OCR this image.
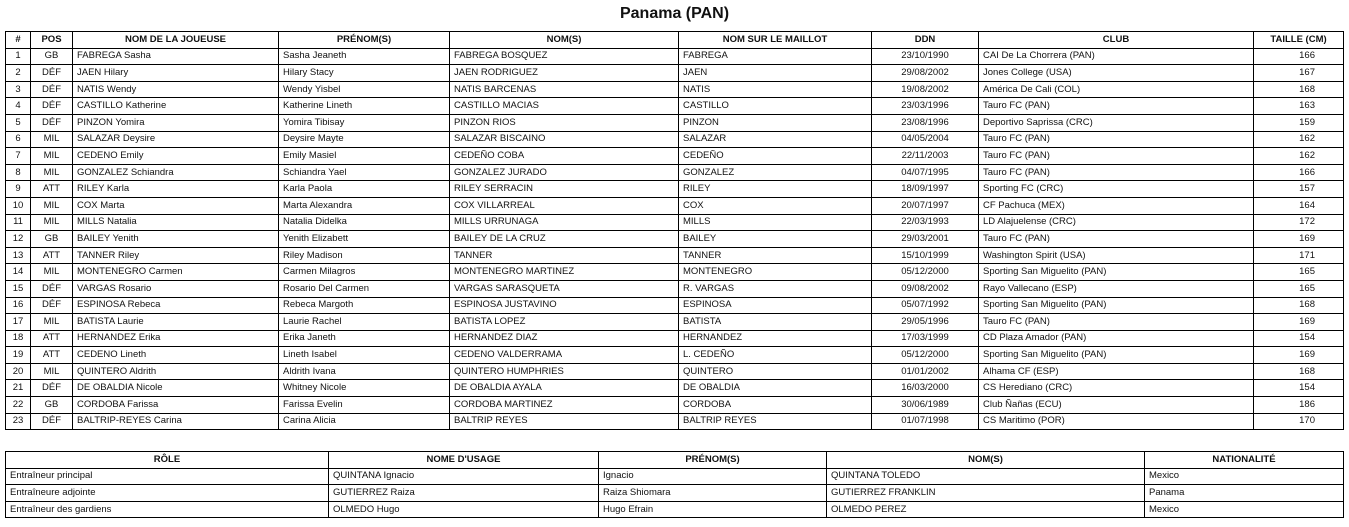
Panama (PAN)
#	POS	NOM DE LA JOUEUSE	PRÉNOM(S)	NOM(S)	NOM SUR LE MAILLOT	DDN	CLUB	TAILLE (CM)
1	GB	FABREGA Sasha	Sasha Jeaneth	FABREGA BOSQUEZ	FABREGA	23/10/1990	CAI De La Chorrera (PAN)	166
2	DÉF	JAEN Hilary	Hilary Stacy	JAEN RODRIGUEZ	JAEN	29/08/2002	Jones College (USA)	167
3	DÉF	NATIS Wendy	Wendy Yisbel	NATIS BARCENAS	NATIS	19/08/2002	América De Cali (COL)	168
4	DÉF	CASTILLO Katherine	Katherine Lineth	CASTILLO MACIAS	CASTILLO	23/03/1996	Tauro FC (PAN)	163
5	DÉF	PINZON Yomira	Yomira Tibisay	PINZON RIOS	PINZON	23/08/1996	Deportivo Saprissa (CRC)	159
6	MIL	SALAZAR Deysire	Deysire Mayte	SALAZAR BISCAINO	SALAZAR	04/05/2004	Tauro FC (PAN)	162
7	MIL	CEDENO Emily	Emily Masiel	CEDEÑO COBA	CEDEÑO	22/11/2003	Tauro FC (PAN)	162
8	MIL	GONZALEZ Schiandra	Schiandra Yael	GONZALEZ JURADO	GONZALEZ	04/07/1995	Tauro FC (PAN)	166
9	ATT	RILEY Karla	Karla Paola	RILEY SERRACIN	RILEY	18/09/1997	Sporting FC (CRC)	157
10	MIL	COX Marta	Marta Alexandra	COX VILLARREAL	COX	20/07/1997	CF Pachuca (MEX)	164
11	MIL	MILLS Natalia	Natalia Didelka	MILLS URRUNAGA	MILLS	22/03/1993	LD Alajuelense (CRC)	172
12	GB	BAILEY Yenith	Yenith Elizabett	BAILEY DE LA CRUZ	BAILEY	29/03/2001	Tauro FC (PAN)	169
13	ATT	TANNER Riley	Riley Madison	TANNER	TANNER	15/10/1999	Washington Spirit (USA)	171
14	MIL	MONTENEGRO Carmen	Carmen Milagros	MONTENEGRO MARTINEZ	MONTENEGRO	05/12/2000	Sporting San Miguelito (PAN)	165
15	DÉF	VARGAS Rosario	Rosario Del Carmen	VARGAS SARASQUETA	R. VARGAS	09/08/2002	Rayo Vallecano (ESP)	165
16	DÉF	ESPINOSA Rebeca	Rebeca Margoth	ESPINOSA JUSTAVINO	ESPINOSA	05/07/1992	Sporting San Miguelito (PAN)	168
17	MIL	BATISTA Laurie	Laurie Rachel	BATISTA LOPEZ	BATISTA	29/05/1996	Tauro FC (PAN)	169
18	ATT	HERNANDEZ Erika	Erika Janeth	HERNANDEZ DIAZ	HERNANDEZ	17/03/1999	CD Plaza Amador (PAN)	154
19	ATT	CEDENO Lineth	Lineth Isabel	CEDENO VALDERRAMA	L. CEDEÑO	05/12/2000	Sporting San Miguelito (PAN)	169
20	MIL	QUINTERO Aldrith	Aldrith Ivana	QUINTERO HUMPHRIES	QUINTERO	01/01/2002	Alhama CF (ESP)	168
21	DÉF	DE OBALDIA Nicole	Whitney Nicole	DE OBALDIA AYALA	DE OBALDIA	16/03/2000	CS Herediano (CRC)	154
22	GB	CORDOBA Farissa	Farissa Evelin	CORDOBA MARTINEZ	CORDOBA	30/06/1989	Club Ñañas (ECU)	186
23	DÉF	BALTRIP-REYES Carina	Carina Alicia	BALTRIP REYES	BALTRIP REYES	01/07/1998	CS Maritimo (POR)	170
RÔLE	NOME D'USAGE	PRÉNOM(S)	NOM(S)	NATIONALITÉ
Entraîneur principal	QUINTANA Ignacio	Ignacio	QUINTANA TOLEDO	Mexico
Entraîneure adjointe	GUTIERREZ Raiza	Raiza Shiomara	GUTIERREZ FRANKLIN	Panama
Entraîneur des gardiens	OLMEDO Hugo	Hugo Efrain	OLMEDO PEREZ	Mexico
